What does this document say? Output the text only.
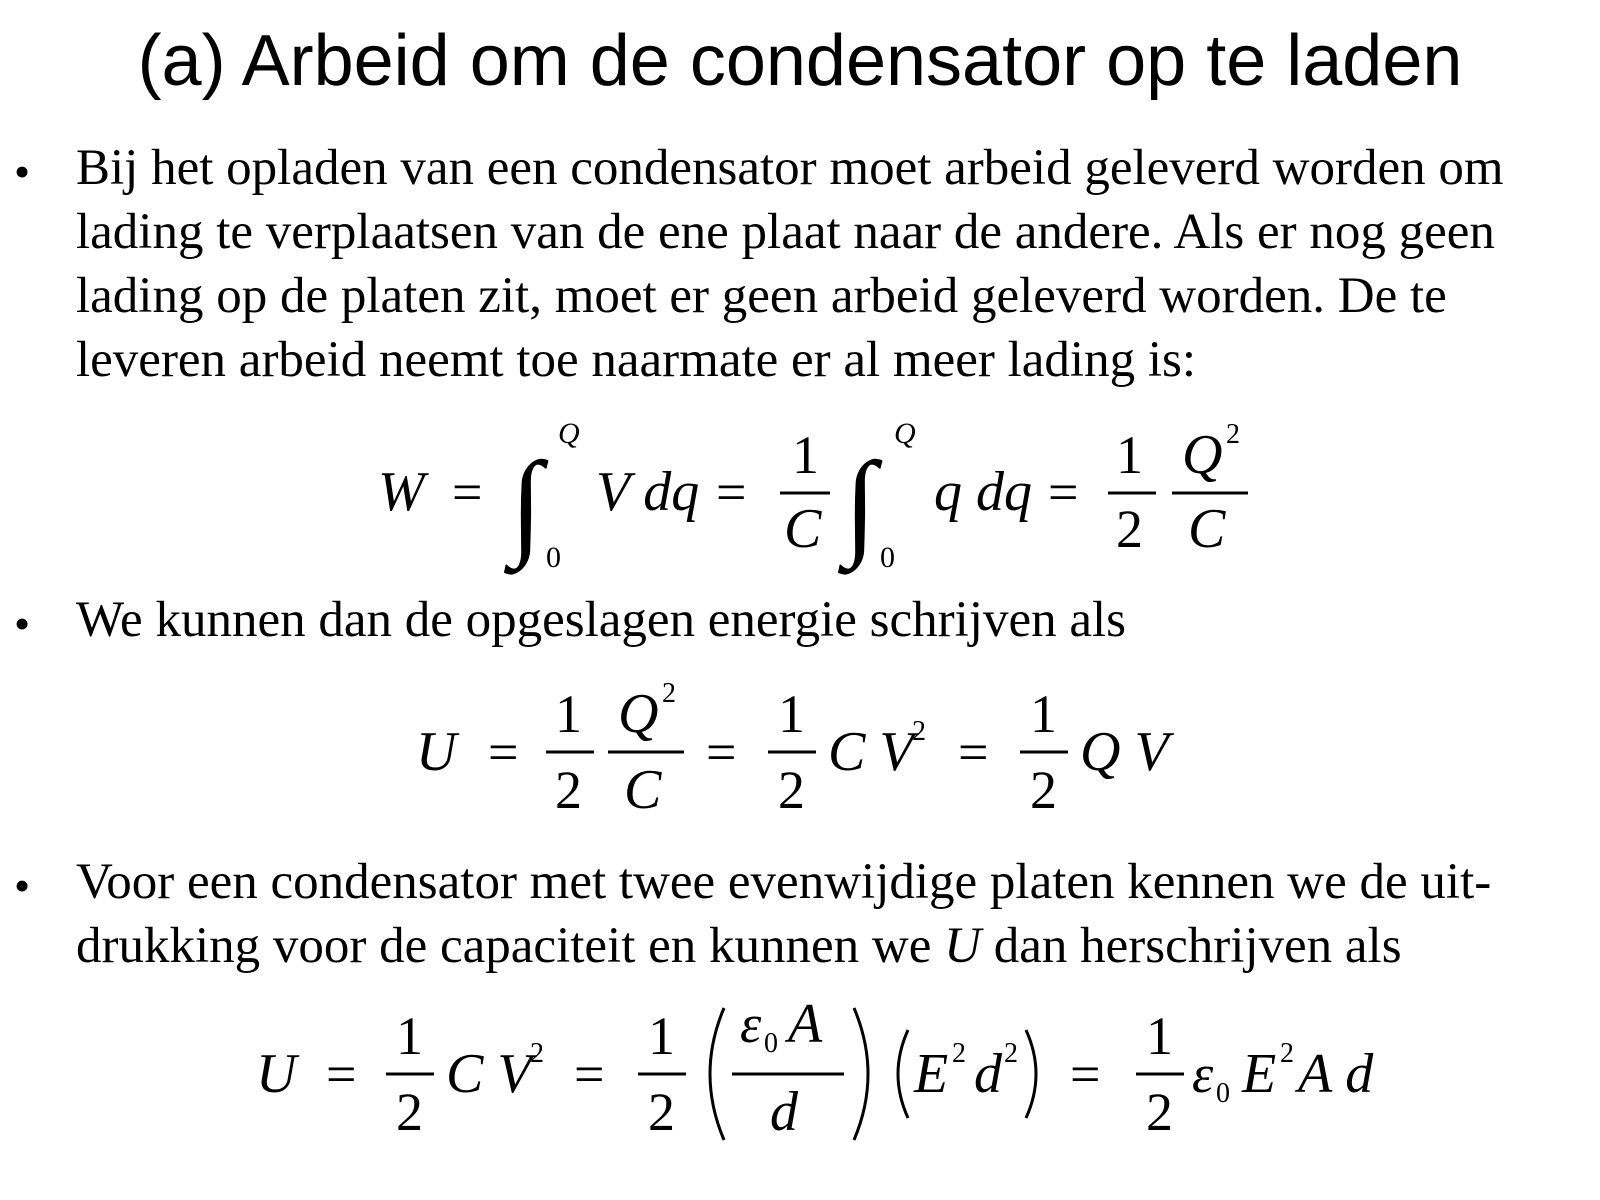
(a) Arbeid om de condensator op te laden
• Bij het opladen van een condensator moet arbeid geleverd worden om
lading te verplaatsen van de ene plaat naar de andere. Als er nog geen
lading op de platen zit, moet er geen arbeid geleverd worden. De te
leveren arbeid neemt toe naarmate er al meer lading is:
W = ∫
Q
0
V dq =
1
C ∫
Q
0
q dq =
1
2
Q 2
C
• We kunnen dan de opgeslagen energie schrijven als
U =
1
2
Q 2
C
=
1
2
C V
2 =
1
2
Q V
• Voor een condensator met twee evenwijdige platen kennen we de uit-
drukking voor de capaciteit en kunnen we U dan herschrijven als
U =
1
2
C V
2 =
1
2
ε 0 A
d
E 2 d 2 =
1
2
ε 0 E 2 A d
